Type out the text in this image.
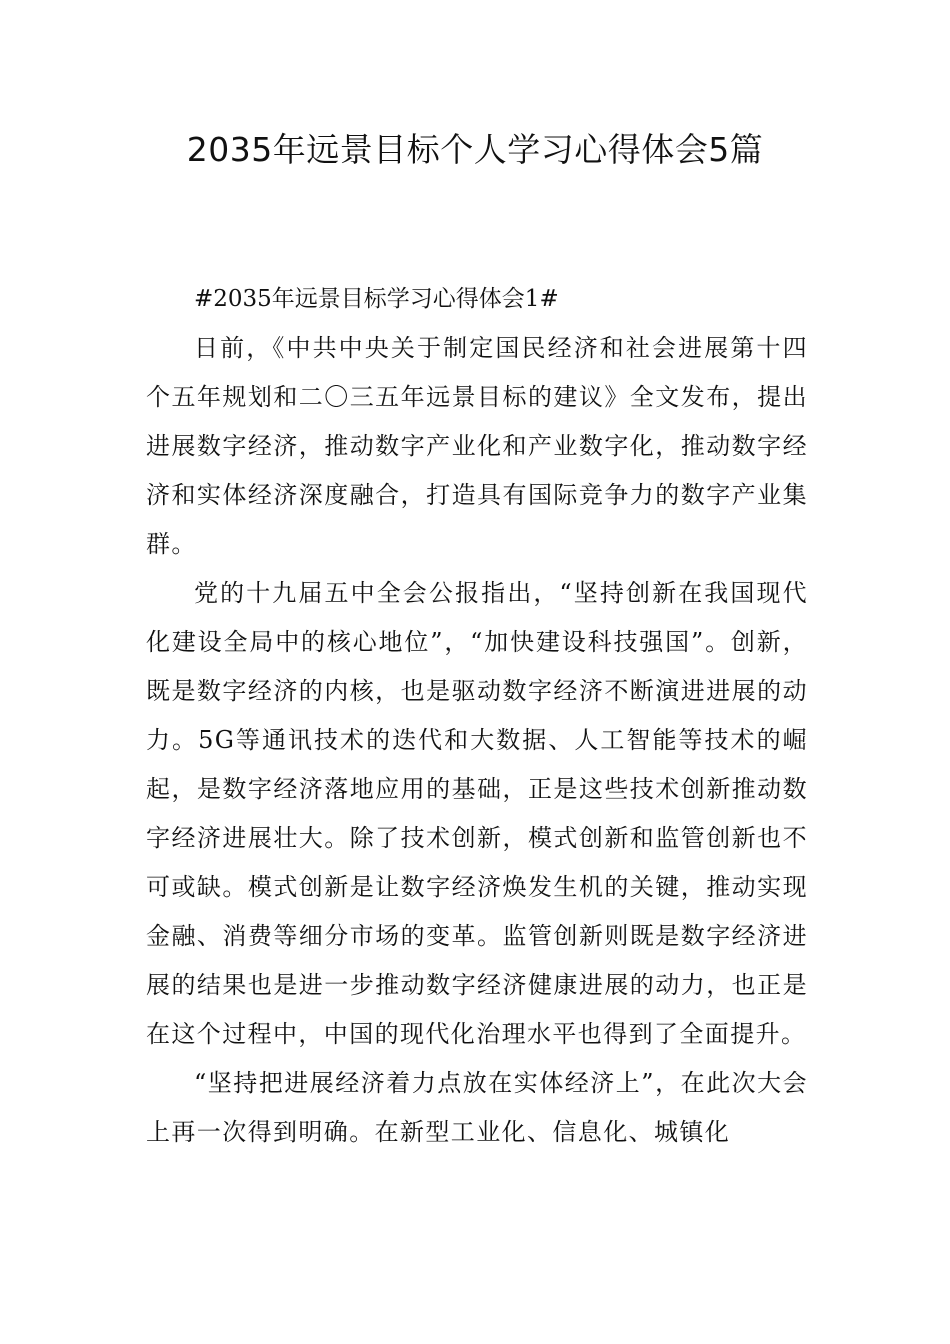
2035年远景目标个人学习心得体会5篇

#2035年远景目标学习心得体会1#

日前，《中共中央关于制定国民经济和社会进展第十四个五年规划和二〇三五年远景目标的建议》全文发布，提出进展数字经济，推动数字产业化和产业数字化，推动数字经济和实体经济深度融合，打造具有国际竞争力的数字产业集群。

党的十九届五中全会公报指出，“坚持创新在我国现代化建设全局中的核心地位”，“加快建设科技强国”。创新，既是数字经济的内核，也是驱动数字经济不断演进进展的动力。5G等通讯技术的迭代和大数据、人工智能等技术的崛起，是数字经济落地应用的基础，正是这些技术创新推动数字经济进展壮大。除了技术创新，模式创新和监管创新也不可或缺。模式创新是让数字经济焕发生机的关键，推动实现金融、消费等细分市场的变革。监管创新则既是数字经济进展的结果也是进一步推动数字经济健康进展的动力，也正是在这个过程中，中国的现代化治理水平也得到了全面提升。

“坚持把进展经济着力点放在实体经济上”，在此次大会上再一次得到明确。在新型工业化、信息化、城镇化
